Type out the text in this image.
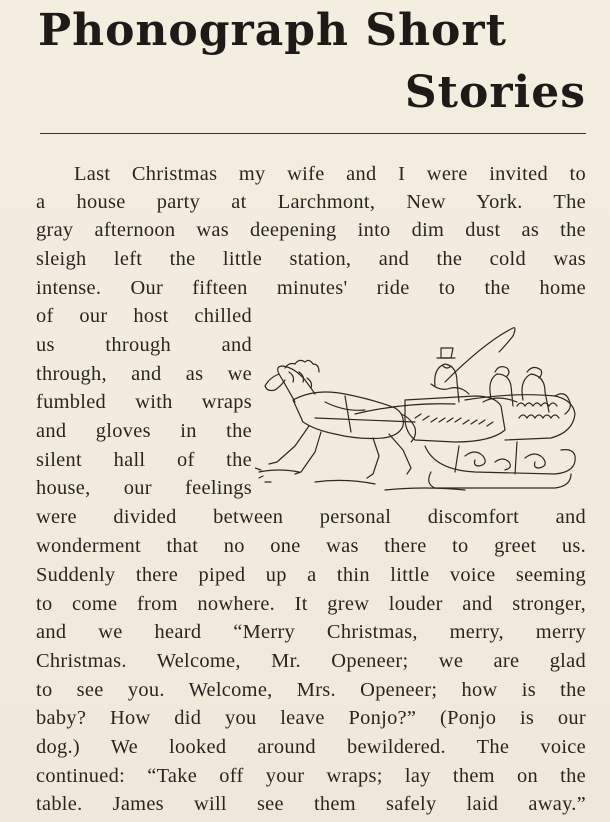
Phonograph Short
Stories
Last Christmas my wife and I were invited to
a house party at Larchmont, New York. The
gray afternoon was deepening into dim dust as the
sleigh left the little station, and the cold was
intense. Our fifteen minutes' ride to the home
of our host chilled
us through and
through, and as we
fumbled with wraps
and gloves in the
silent hall of the
house, our feelings
were divided between personal discomfort and
wonderment that no one was there to greet us.
Suddenly there piped up a thin little voice seeming
to come from nowhere. It grew louder and stronger,
and we heard “Merry Christmas, merry, merry
Christmas. Welcome, Mr. Openeer; we are glad
to see you. Welcome, Mrs. Openeer; how is the
baby? How did you leave Ponjo?” (Ponjo is our
dog.) We looked around bewildered. The voice
continued: “Take off your wraps; lay them on the
table. James will see them safely laid away.”
